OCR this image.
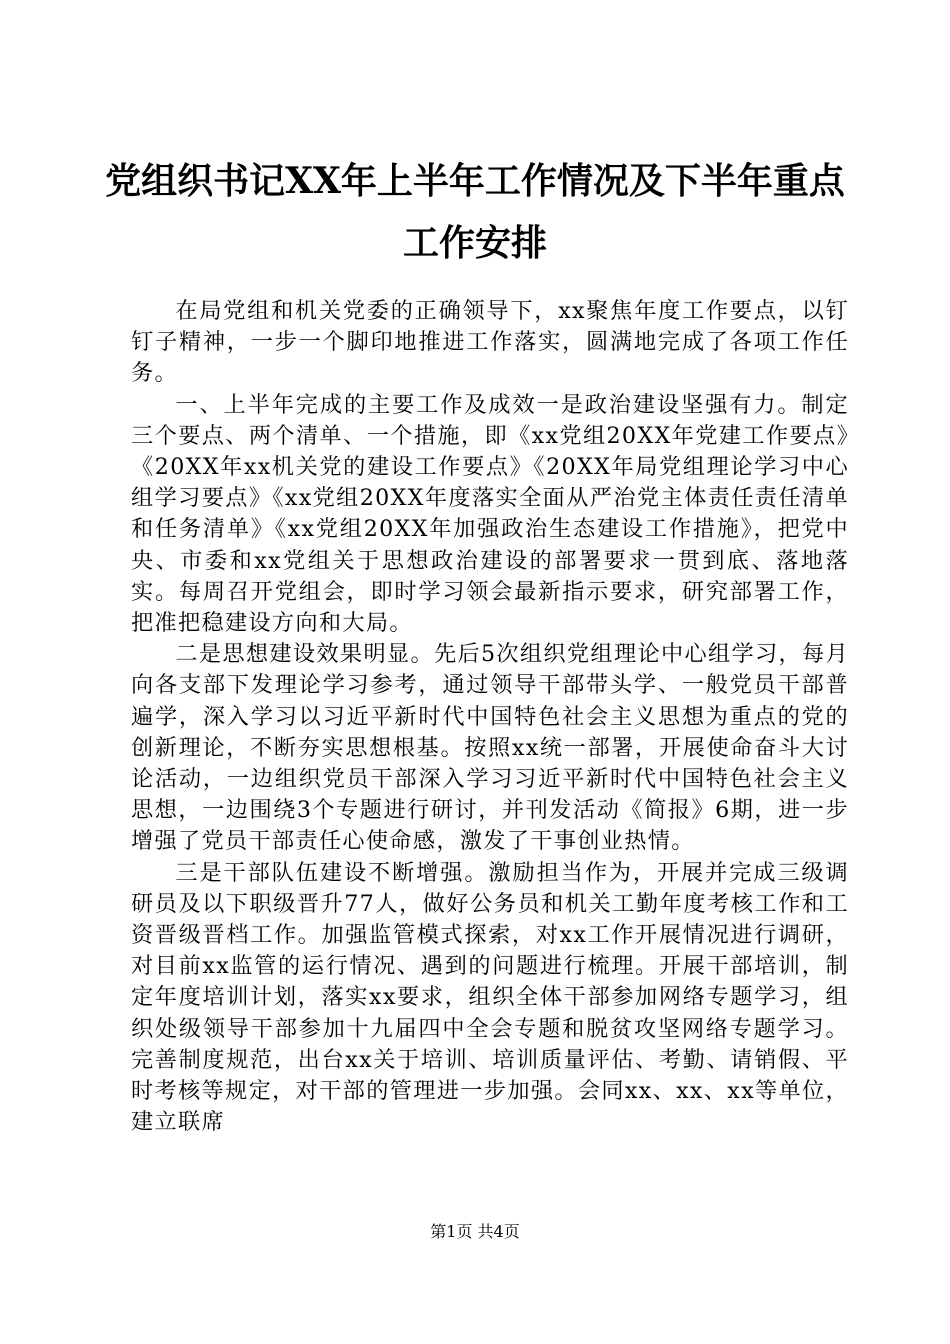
党组织书记XX年上半年工作情况及下半年重点工作安排

在局党组和机关党委的正确领导下，xx聚焦年度工作要点，以钉钉子精神，一步一个脚印地推进工作落实，圆满地完成了各项工作任务。

一、上半年完成的主要工作及成效一是政治建设坚强有力。制定三个要点、两个清单、一个措施，即《xx党组20XX年党建工作要点》《20XX年xx机关党的建设工作要点》《20XX年局党组理论学习中心组学习要点》《xx党组20XX年度落实全面从严治党主体责任责任清单和任务清单》《xx党组20XX年加强政治生态建设工作措施》，把党中央、市委和xx党组关于思想政治建设的部署要求一贯到底、落地落实。每周召开党组会，即时学习领会最新指示要求，研究部署工作，把准把稳建设方向和大局。

二是思想建设效果明显。先后5次组织党组理论中心组学习，每月向各支部下发理论学习参考，通过领导干部带头学、一般党员干部普遍学，深入学习以习近平新时代中国特色社会主义思想为重点的党的创新理论，不断夯实思想根基。按照xx统一部署，开展使命奋斗大讨论活动，一边组织党员干部深入学习习近平新时代中国特色社会主义思想，一边围绕3个专题进行研讨，并刊发活动《简报》6期，进一步增强了党员干部责任心使命感，激发了干事创业热情。

三是干部队伍建设不断增强。激励担当作为，开展并完成三级调研员及以下职级晋升77人，做好公务员和机关工勤年度考核工作和工资晋级晋档工作。加强监管模式探索，对xx工作开展情况进行调研，对目前xx监管的运行情况、遇到的问题进行梳理。开展干部培训，制定年度培训计划，落实xx要求，组织全体干部参加网络专题学习，组织处级领导干部参加十九届四中全会专题和脱贫攻坚网络专题学习。完善制度规范，出台xx关于培训、培训质量评估、考勤、请销假、平时考核等规定，对干部的管理进一步加强。会同xx、xx、xx等单位，建立联席

第1页 共4页
